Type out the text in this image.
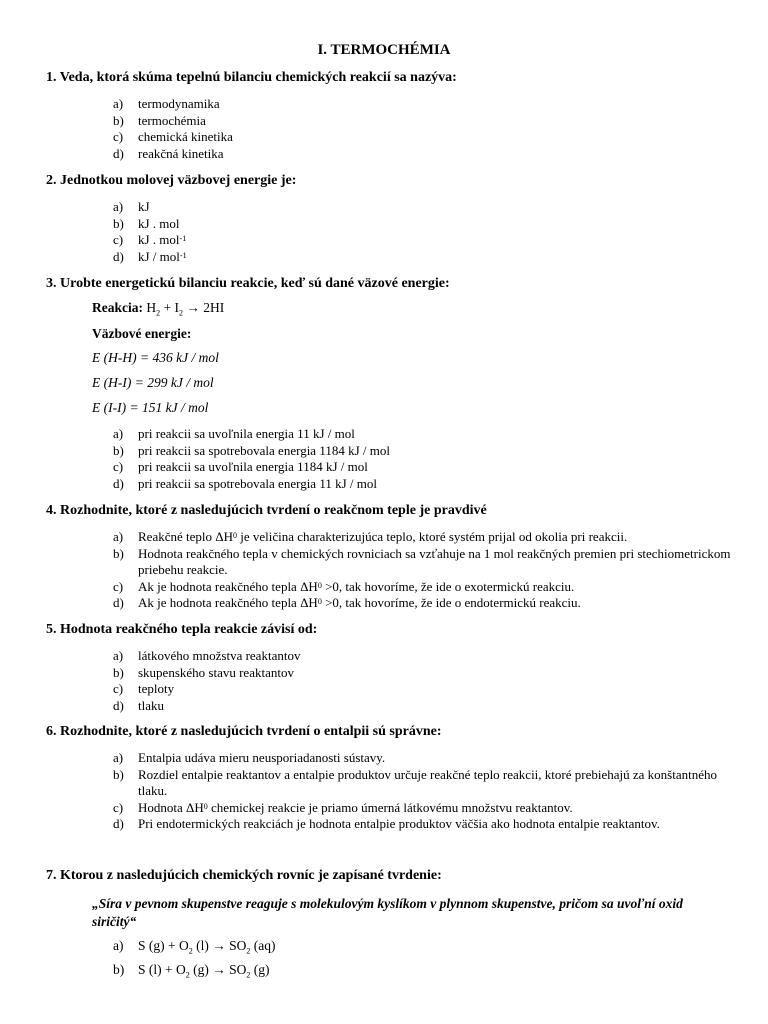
I. TERMOCHÉMIA
1. Veda, ktorá skúma tepelnú bilanciu chemických reakcií sa nazýva:
a) termodynamika
b) termochémia
c) chemická kinetika
d) reakčná kinetika
2. Jednotkou molovej väzbovej energie je:
a) kJ
b) kJ . mol
c) kJ . mol$^{-1}$
d) kJ / mol$^{-1}$
3. Urobte energetickú bilanciu reakcie, keď sú dané väzové energie:
Reakcia: $H_2 + I_2 \to 2HI$
Väzbové energie:
E (H-H) = 436 kJ / mol
E (H-I) = 299 kJ / mol
E (I-I) = 151 kJ / mol
a) pri reakcii sa uvoľnila energia 11 kJ / mol
b) pri reakcii sa spotrebovala energia 1184 kJ / mol
c) pri reakcii sa uvoľnila energia 1184 kJ / mol
d) pri reakcii sa spotrebovala energia 11 kJ / mol
4. Rozhodnite, ktoré z nasledujúcich tvrdení o reakčnom teple je pravdivé
a) Reakčné teplo $\Delta H^0$ je veličina charakterizujúca teplo, ktoré systém prijal od okolia pri reakcii.
b) Hodnota reakčného tepla v chemických rovniciach sa vzťahuje na 1 mol reakčných premien pri stechiometrickom priebehu reakcie.
c) Ak je hodnota reakčného tepla $\Delta H^0 >0$, tak hovoríme, že ide o exotermickú reakciu.
d) Ak je hodnota reakčného tepla $\Delta H^0 >0$, tak hovoríme, že ide o endotermickú reakciu.
5. Hodnota reakčného tepla reakcie závisí od:
a) látkového množstva reaktantov
b) skupenského stavu reaktantov
c) teploty
d) tlaku
6. Rozhodnite, ktoré z nasledujúcich tvrdení o entalpii sú správne:
a) Entalpia udáva mieru neusporiadanosti sústavy.
b) Rozdiel entalpie reaktantov a entalpie produktov určuje reakčné teplo reakcii, ktoré prebiehajú za konštantného tlaku.
c) Hodnota $\Delta H^0$ chemickej reakcie je priamo úmerná látkovému množstvu reaktantov.
d) Pri endotermických reakciách je hodnota entalpie produktov väčšia ako hodnota entalpie reaktantov.
7. Ktorou z nasledujúcich chemických rovníc je zapísané tvrdenie:
„Síra v pevnom skupenstve reaguje s molekulovým kyslíkom v plynnom skupenstve, pričom sa uvoľní oxid siričitý“
a) S $(g) + O_2$ $(l) \to SO_2$ (aq)
b) S $(l) + O_2$ $(g) \to SO_2$ (g)
